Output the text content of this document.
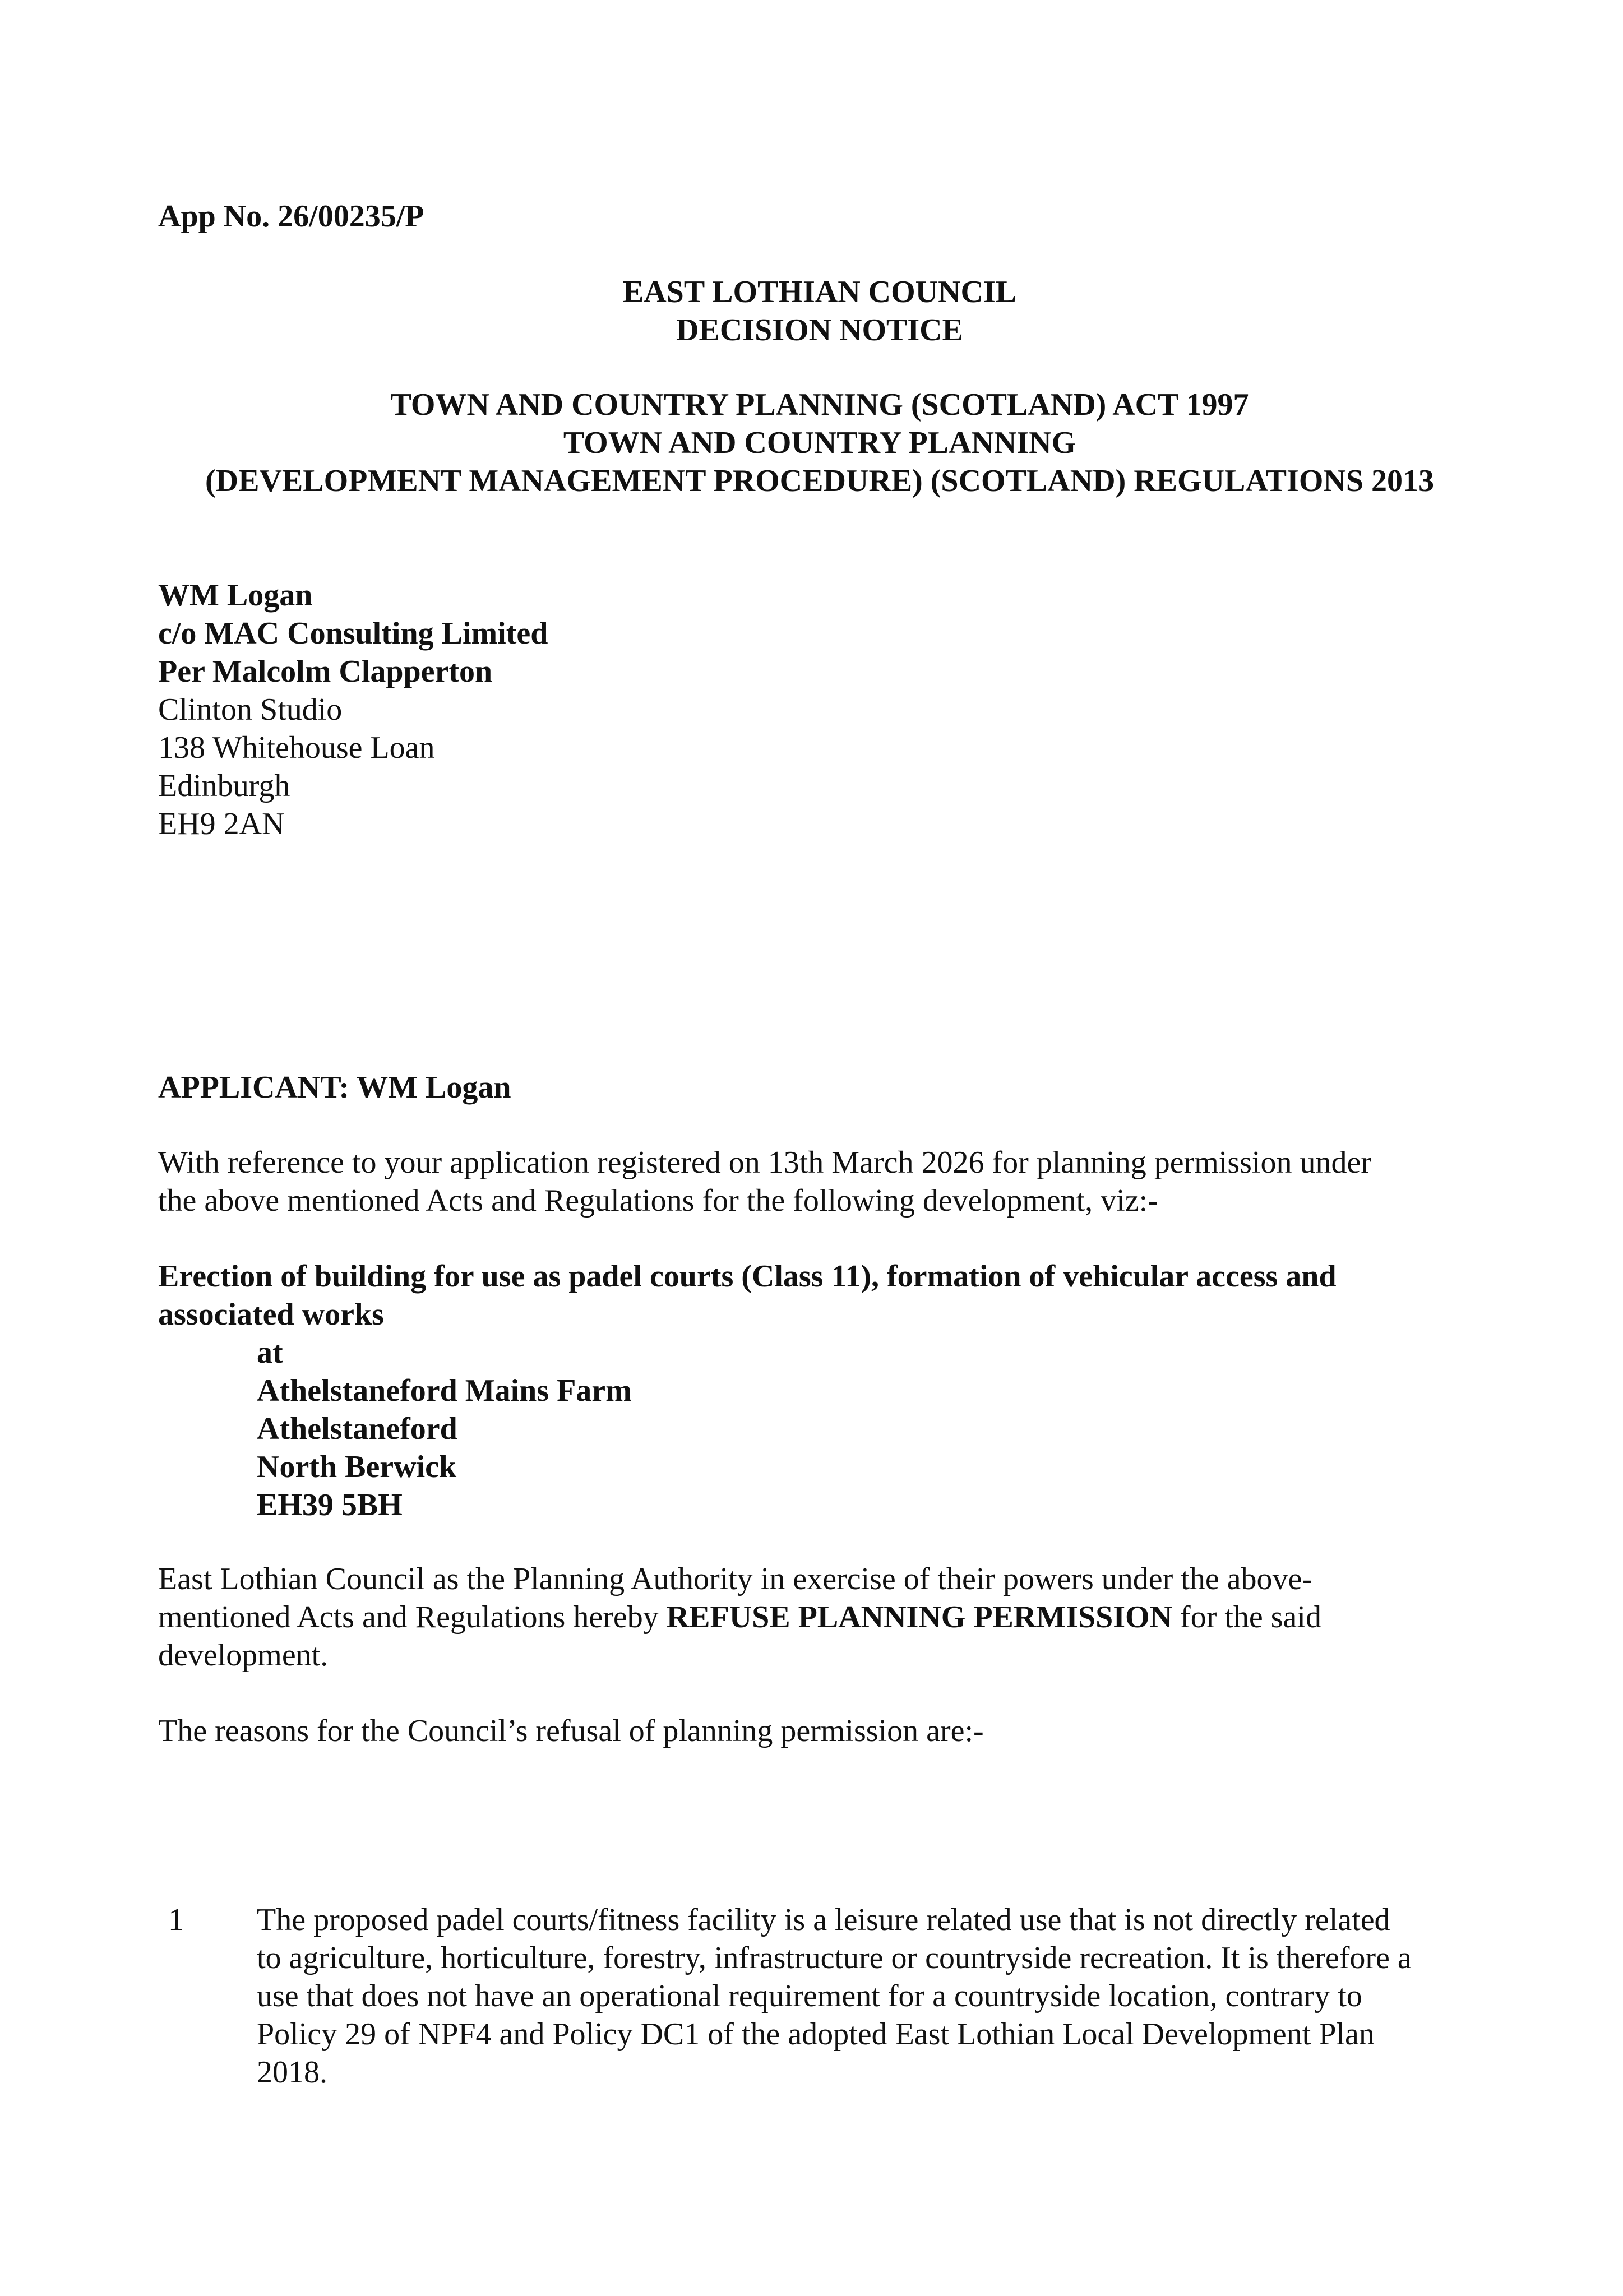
App No. 26/00235/P
EAST LOTHIAN COUNCIL
DECISION NOTICE
TOWN AND COUNTRY PLANNING (SCOTLAND) ACT 1997
TOWN AND COUNTRY PLANNING
(DEVELOPMENT MANAGEMENT PROCEDURE) (SCOTLAND) REGULATIONS 2013
WM Logan
c/o MAC Consulting Limited
Per Malcolm Clapperton
Clinton Studio
138 Whitehouse Loan
Edinburgh
EH9 2AN
APPLICANT: WM Logan
With reference to your application registered on 13th March 2026 for planning permission under
the above mentioned Acts and Regulations for the following development, viz:-
Erection of building for use as padel courts (Class 11), formation of vehicular access and
associated works
at
Athelstaneford Mains Farm
Athelstaneford
North Berwick
EH39 5BH
East Lothian Council as the Planning Authority in exercise of their powers under the above-
mentioned Acts and Regulations hereby REFUSE PLANNING PERMISSION for the said
development.
The reasons for the Council’s refusal of planning permission are:-
1 The proposed padel courts/fitness facility is a leisure related use that is not directly related
to agriculture, horticulture, forestry, infrastructure or countryside recreation. It is therefore a
use that does not have an operational requirement for a countryside location, contrary to
Policy 29 of NPF4 and Policy DC1 of the adopted East Lothian Local Development Plan
2018.
